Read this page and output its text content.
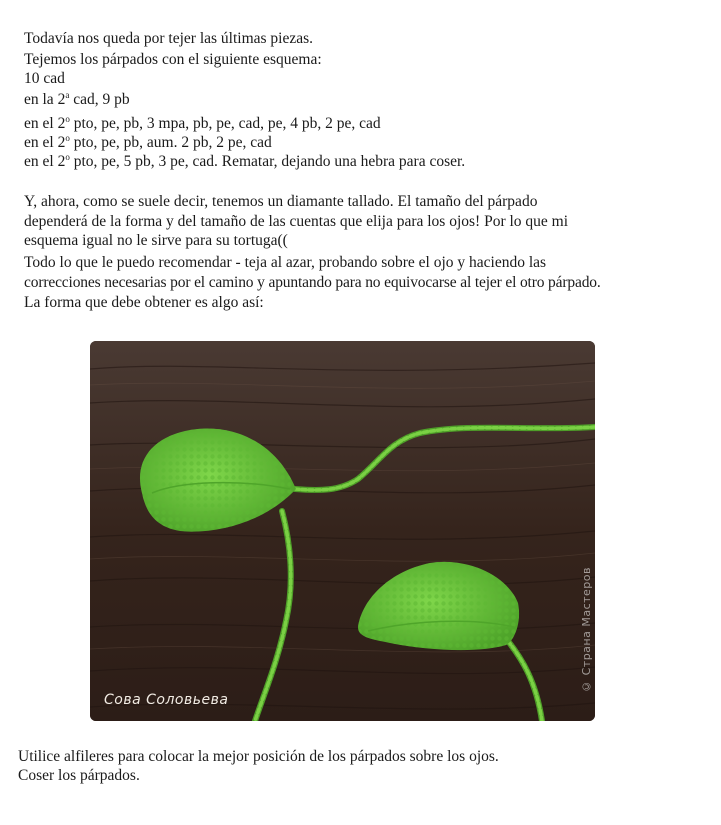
Todavía nos queda por tejer las últimas piezas.
Tejemos los párpados con el siguiente esquema:
10 cad
en la 2$^a$ cad, 9 pb
en el 2$^o$ pto, pe, pb, 3 mpa, pb, pe, cad, pe, 4 pb, 2 pe, cad
en el 2$^o$ pto, pe, pb, aum. 2 pb, 2 pe, cad
en el 2$^o$ pto, pe, 5 pb, 3 pe, cad. Rematar, dejando una hebra para coser.
Y, ahora, como se suele decir, tenemos un diamante tallado. El tamaño del párpado
dependerá de la forma y del tamaño de las cuentas que elija para los ojos! Por lo que mi
esquema igual no le sirve para su tortuga((
Todo lo que le puedo recomendar - teja al azar, probando sobre el ojo y haciendo las
correcciones necesarias por el camino y apuntando para no equivocarse al tejer el otro párpado.
La forma que debe obtener es algo así:
Сова Соловьева
© Страна Мастеров
Utilice alfileres para colocar la mejor posición de los párpados sobre los ojos.
Coser los párpados.
